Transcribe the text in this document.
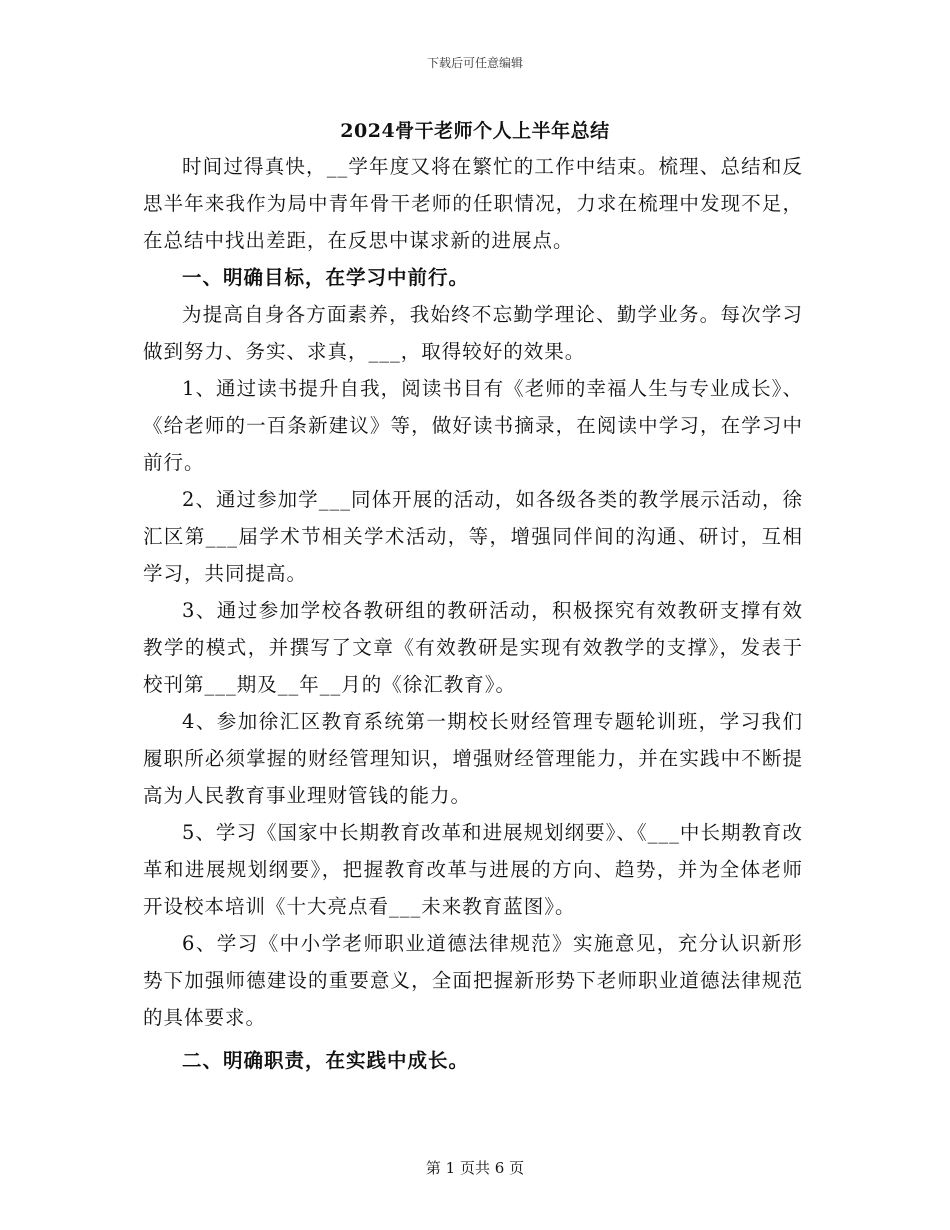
下载后可任意编辑
2024骨干老师个人上半年总结

时间过得真快，__学年度又将在繁忙的工作中结束。梳理、总结和反思半年来我作为局中青年骨干老师的任职情况，力求在梳理中发现不足，在总结中找出差距，在反思中谋求新的进展点。

一、明确目标，在学习中前行。

为提高自身各方面素养，我始终不忘勤学理论、勤学业务。每次学习做到努力、务实、求真，___，取得较好的效果。

1、通过读书提升自我，阅读书目有《老师的幸福人生与专业成长》、《给老师的一百条新建议》等，做好读书摘录，在阅读中学习，在学习中前行。

2、通过参加学___同体开展的活动，如各级各类的教学展示活动，徐汇区第___届学术节相关学术活动，等，增强同伴间的沟通、研讨，互相学习，共同提高。

3、通过参加学校各教研组的教研活动，积极探究有效教研支撑有效教学的模式，并撰写了文章《有效教研是实现有效教学的支撑》，发表于校刊第___期及__年__月的《徐汇教育》。

4、参加徐汇区教育系统第一期校长财经管理专题轮训班，学习我们履职所必须掌握的财经管理知识，增强财经管理能力，并在实践中不断提高为人民教育事业理财管钱的能力。

5、学习《国家中长期教育改革和进展规划纲要》、《___中长期教育改革和进展规划纲要》，把握教育改革与进展的方向、趋势，并为全体老师开设校本培训《十大亮点看___未来教育蓝图》。

6、学习《中小学老师职业道德法律规范》实施意见，充分认识新形势下加强师德建设的重要意义，全面把握新形势下老师职业道德法律规范的具体要求。

二、明确职责，在实践中成长。

第 1 页共 6 页
